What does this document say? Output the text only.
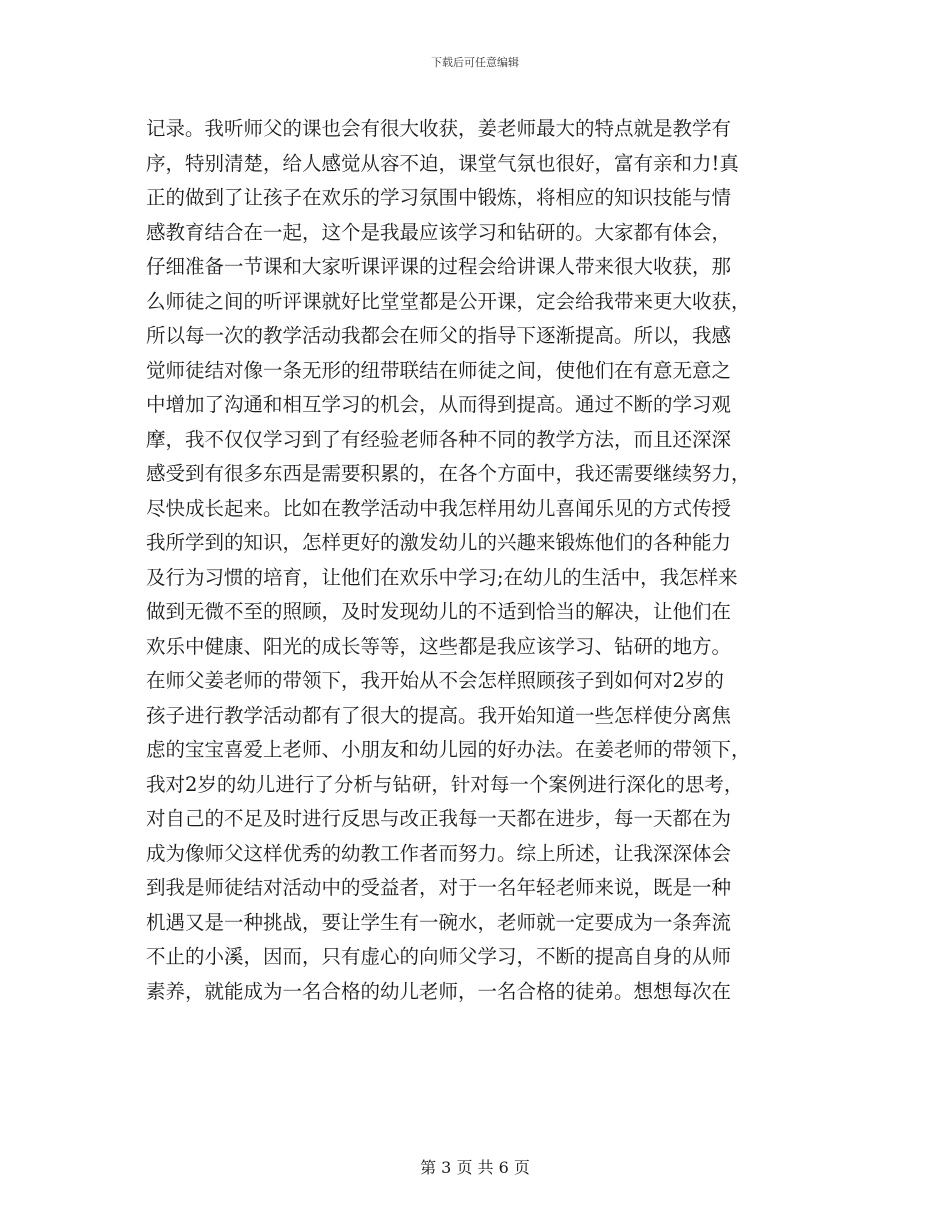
下载后可任意编辑
记录。我听师父的课也会有很大收获，姜老师最大的特点就是教学有
序，特别清楚，给人感觉从容不迫，课堂气氛也很好，富有亲和力!真
正的做到了让孩子在欢乐的学习氛围中锻炼，将相应的知识技能与情
感教育结合在一起，这个是我最应该学习和钻研的。大家都有体会，
仔细准备一节课和大家听课评课的过程会给讲课人带来很大收获，那
么师徒之间的听评课就好比堂堂都是公开课，定会给我带来更大收获，
所以每一次的教学活动我都会在师父的指导下逐渐提高。所以，我感
觉师徒结对像一条无形的纽带联结在师徒之间，使他们在有意无意之
中增加了沟通和相互学习的机会，从而得到提高。通过不断的学习观
摩，我不仅仅学习到了有经验老师各种不同的教学方法，而且还深深
感受到有很多东西是需要积累的，在各个方面中，我还需要继续努力，
尽快成长起来。比如在教学活动中我怎样用幼儿喜闻乐见的方式传授
我所学到的知识，怎样更好的激发幼儿的兴趣来锻炼他们的各种能力
及行为习惯的培育，让他们在欢乐中学习;在幼儿的生活中，我怎样来
做到无微不至的照顾，及时发现幼儿的不适到恰当的解决，让他们在
欢乐中健康、阳光的成长等等，这些都是我应该学习、钻研的地方。
在师父姜老师的带领下，我开始从不会怎样照顾孩子到如何对2岁的
孩子进行教学活动都有了很大的提高。我开始知道一些怎样使分离焦
虑的宝宝喜爱上老师、小朋友和幼儿园的好办法。在姜老师的带领下，
我对2岁的幼儿进行了分析与钻研，针对每一个案例进行深化的思考，
对自己的不足及时进行反思与改正我每一天都在进步，每一天都在为
成为像师父这样优秀的幼教工作者而努力。综上所述，让我深深体会
到我是师徒结对活动中的受益者，对于一名年轻老师来说，既是一种
机遇又是一种挑战，要让学生有一碗水，老师就一定要成为一条奔流
不止的小溪，因而，只有虚心的向师父学习，不断的提高自身的从师
素养，就能成为一名合格的幼儿老师，一名合格的徒弟。想想每次在
第 3 页 共 6 页
